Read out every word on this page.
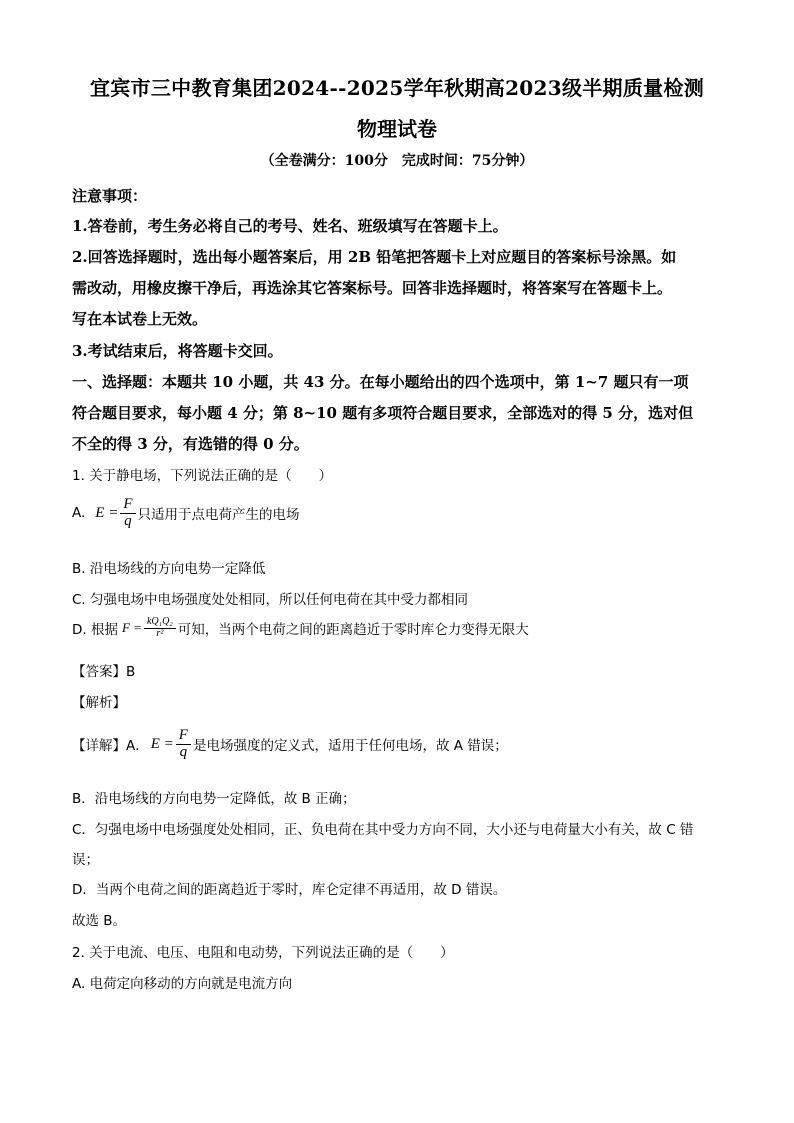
宜宾市三中教育集团2024--2025学年秋期高2023级半期质量检测
物理试卷
（全卷满分：100分　完成时间：75分钟）
注意事项：
1.答卷前，考生务必将自己的考号、姓名、班级填写在答题卡上。
2.回答选择题时，选出每小题答案后，用 2B 铅笔把答题卡上对应题目的答案标号涂黑。如
需改动，用橡皮擦干净后，再选涂其它答案标号。回答非选择题时，将答案写在答题卡上。
写在本试卷上无效。
3.考试结束后，将答题卡交回。
一、选择题：本题共 10 小题，共 43 分。在每小题给出的四个选项中，第 1~7 题只有一项
符合题目要求，每小题 4 分；第 8~10 题有多项符合题目要求，全部选对的得 5 分，选对但
不全的得 3 分，有选错的得 0 分。
1. 关于静电场，下列说法正确的是（　　）
A. $E = \frac{F}{q}$ 只适用于点电荷产生的电场
B. 沿电场线的方向电势一定降低
C. 匀强电场中电场强度处处相同，所以任何电荷在其中受力都相同
D. 根据 $F = \frac{\text{kQ₁Q₂}}{\text{r²}}$ 可知，当两个电荷之间的距离趋近于零时库仑力变得无限大
【答案】B
【解析】
【详解】A． $E = \frac{F}{q}$ 是电场强度的定义式，适用于任何电场，故 A 错误；
B．沿电场线的方向电势一定降低，故 B 正确；
C．匀强电场中电场强度处处相同，正、负电荷在其中受力方向不同，大小还与电荷量大小有关，故 C 错
误；
D．当两个电荷之间的距离趋近于零时，库仑定律不再适用，故 D 错误。
故选 B。
2. 关于电流、电压、电阻和电动势，下列说法正确的是（　　）
A. 电荷定向移动的方向就是电流方向
